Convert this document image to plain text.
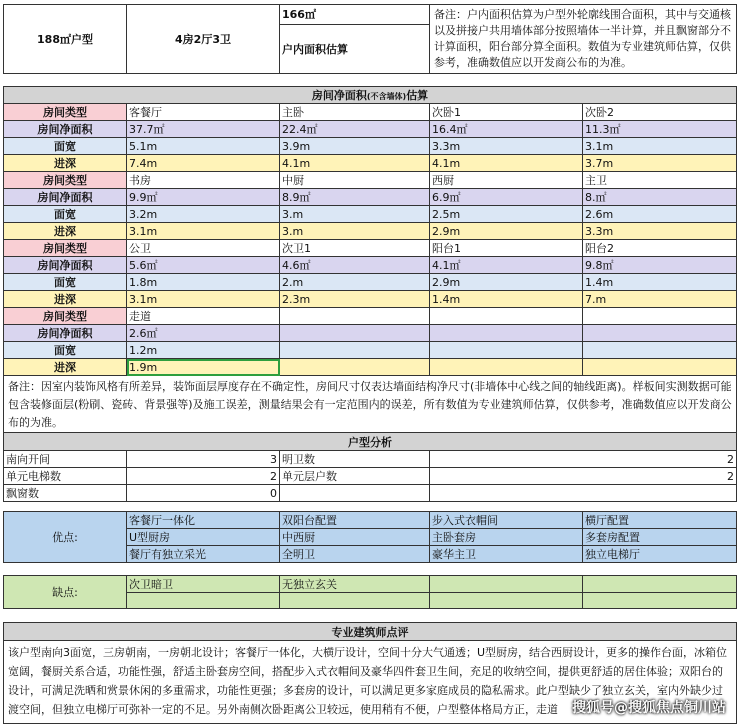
188㎡户型	4房2厅3卫	166㎡	备注：户内面积估算为户型外轮廓线围合面积，其中与交通核以及拼接户共用墙体部分按照墙体一半计算，并且飘窗部分不计算面积，阳台部分算全面积。数值为专业建筑师估算，仅供参考，准确数值应以开发商公布的为准。
户内面积估算
房间净面积(不含墙体)估算				
房间类型	客餐厅	主卧	次卧1	次卧2
房间净面积	37.7㎡	22.4㎡	16.4㎡	11.3㎡
面宽	5.1m	3.9m	3.3m	3.1m
进深	7.4m	4.1m	4.1m	3.7m
房间类型	书房	中厨	西厨	主卫
房间净面积	9.9㎡	8.9㎡	6.9㎡	8.㎡
面宽	3.2m	3.m	2.5m	2.6m
进深	3.1m	3.m	2.9m	3.3m
房间类型	公卫	次卫1	阳台1	阳台2
房间净面积	5.6㎡	4.6㎡	4.1㎡	9.8㎡
面宽	1.8m	2.m	2.9m	1.4m
进深	3.1m	2.3m	1.4m	7.m
房间类型	走道			
房间净面积	2.6㎡			
面宽	1.2m			
进深	1.9m			
备注：因室内装饰风格有所差异，装饰面层厚度存在不确定性，房间尺寸仅表达墙面结构净尺寸(非墙体中心线之间的轴线距离)。样板间实测数据可能包含装修面层(粉刷、瓷砖、背景强等)及施工误差，测量结果会有一定范围内的误差，所有数值为专业建筑师估算，仅供参考，准确数值应以开发商公布的为准。				
户型分析			
南向开间	3	明卫数	2
单元电梯数	2	单元层户数	2
飘窗数	0		
优点:	客餐厅一体化	双阳台配置	步入式衣帽间	横厅配置
	U型厨房	中西厨	主卧套房	多套房配置
	餐厅有独立采光	全明卫	豪华主卫	独立电梯厅
缺点:	次卫暗卫	无独立玄关		

专业建筑师点评
该户型南向3面宽，三房朝南，一房朝北设计；客餐厅一体化，大横厅设计，空间十分大气通透；U型厨房，结合西厨设计，更多的操作台面，冰箱位宽阔，餐厨关系合适，功能性强，舒适主卧套房空间，搭配步入式衣帽间及豪华四件套卫生间，充足的收纳空间，提供更舒适的居住体验；双阳台的设计，可满足洗晒和赏景休闲的多重需求，功能性更强；多套房的设计，可以满足更多家庭成员的隐私需求。此户型缺少了独立玄关，室内外缺少过渡空间，但独立电梯厅可弥补一定的不足。另外南侧次卧距离公卫较远，使用稍有不便，户型整体格局方正，走道 搜狐号@搜狐焦点铜川站
